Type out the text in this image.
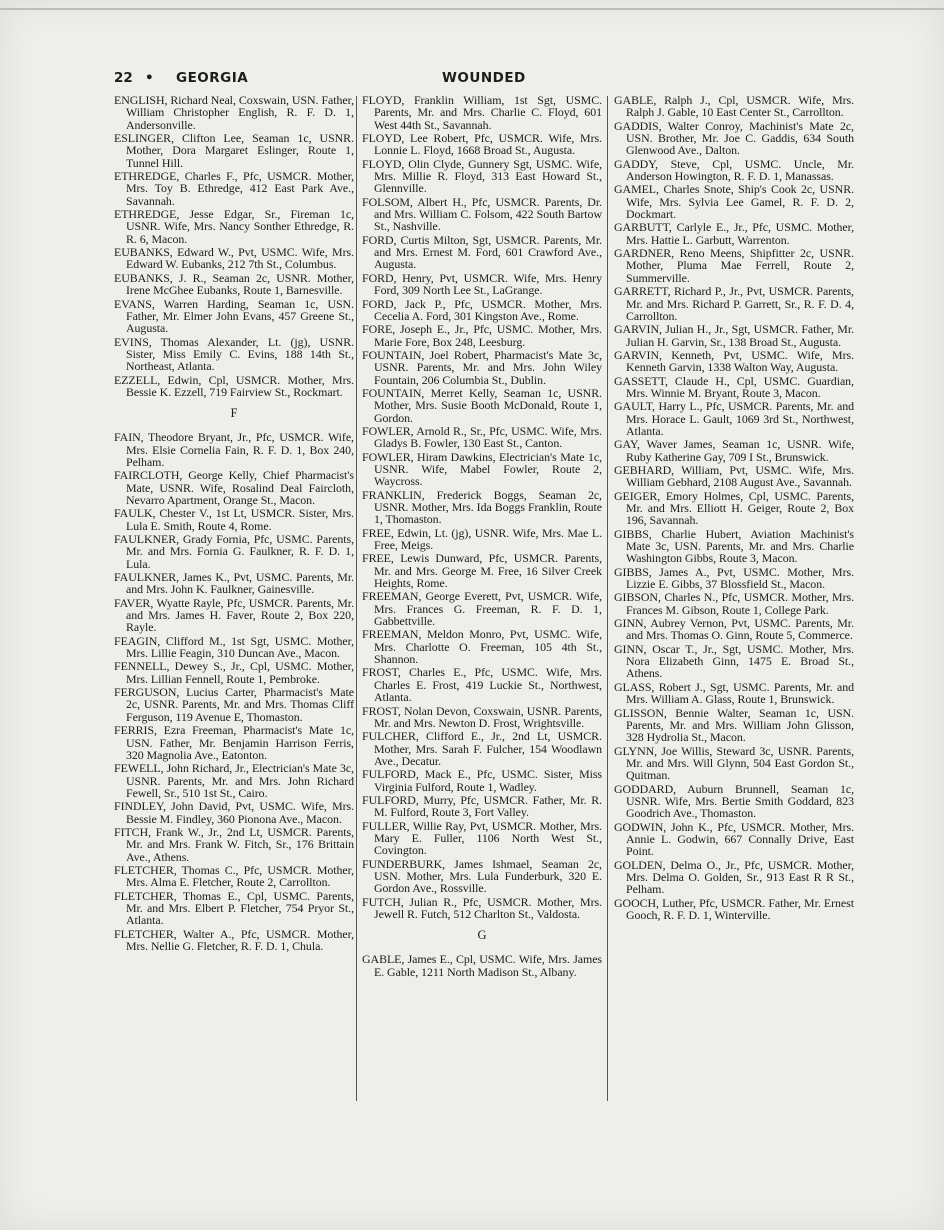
22 • GEORGIA	WOUNDED
ENGLISH, Richard Neal, Coxswain, USN. Father, William Christopher English, R. F. D. 1, Andersonville.
ESLINGER, Clifton Lee, Seaman 1c, USNR. Mother, Dora Margaret Eslinger, Route 1, Tunnel Hill.
ETHREDGE, Charles F., Pfc, USMCR. Mother, Mrs. Toy B. Ethredge, 412 East Park Ave., Savannah.
ETHREDGE, Jesse Edgar, Sr., Fireman 1c, USNR. Wife, Mrs. Nancy Sonther Ethredge, R. R. 6, Macon.
EUBANKS, Edward W., Pvt, USMC. Wife, Mrs. Edward W. Eubanks, 212 7th St., Columbus.
EUBANKS, J. R., Seaman 2c, USNR. Mother, Irene McGhee Eubanks, Route 1, Barnesville.
EVANS, Warren Harding, Seaman 1c, USN. Father, Mr. Elmer John Evans, 457 Greene St., Augusta.
EVINS, Thomas Alexander, Lt. (jg), USNR. Sister, Miss Emily C. Evins, 188 14th St., Northeast, Atlanta.
EZZELL, Edwin, Cpl, USMCR. Mother, Mrs. Bessie K. Ezzell, 719 Fairview St., Rockmart.
F
FAIN, Theodore Bryant, Jr., Pfc, USMCR. Wife, Mrs. Elsie Cornelia Fain, R. F. D. 1, Box 240, Pelham.
FAIRCLOTH, George Kelly, Chief Pharmacist's Mate, USNR. Wife, Rosalind Deal Faircloth, Nevarro Apartment, Orange St., Macon.
FAULK, Chester V., 1st Lt, USMCR. Sister, Mrs. Lula E. Smith, Route 4, Rome.
FAULKNER, Grady Fornia, Pfc, USMC. Parents, Mr. and Mrs. Fornia G. Faulkner, R. F. D. 1, Lula.
FAULKNER, James K., Pvt, USMC. Parents, Mr. and Mrs. John K. Faulkner, Gainesville.
FAVER, Wyatte Rayle, Pfc, USMCR. Parents, Mr. and Mrs. James H. Faver, Route 2, Box 220, Rayle.
FEAGIN, Clifford M., 1st Sgt, USMC. Mother, Mrs. Lillie Feagin, 310 Duncan Ave., Macon.
FENNELL, Dewey S., Jr., Cpl, USMC. Mother, Mrs. Lillian Fennell, Route 1, Pembroke.
FERGUSON, Lucius Carter, Pharmacist's Mate 2c, USNR. Parents, Mr. and Mrs. Thomas Cliff Ferguson, 119 Avenue E, Thomaston.
FERRIS, Ezra Freeman, Pharmacist's Mate 1c, USN. Father, Mr. Benjamin Harrison Ferris, 320 Magnolia Ave., Eatonton.
FEWELL, John Richard, Jr., Electrician's Mate 3c, USNR. Parents, Mr. and Mrs. John Richard Fewell, Sr., 510 1st St., Cairo.
FINDLEY, John David, Pvt, USMC. Wife, Mrs. Bessie M. Findley, 360 Pionona Ave., Macon.
FITCH, Frank W., Jr., 2nd Lt, USMCR. Parents, Mr. and Mrs. Frank W. Fitch, Sr., 176 Brittain Ave., Athens.
FLETCHER, Thomas C., Pfc, USMCR. Mother, Mrs. Alma E. Fletcher, Route 2, Carrollton.
FLETCHER, Thomas E., Cpl, USMC. Parents, Mr. and Mrs. Elbert P. Fletcher, 754 Pryor St., Atlanta.
FLETCHER, Walter A., Pfc, USMCR. Mother, Mrs. Nellie G. Fletcher, R. F. D. 1, Chula.
FLOYD, Franklin William, 1st Sgt, USMC. Parents, Mr. and Mrs. Charlie C. Floyd, 601 West 44th St., Savannah.
FLOYD, Lee Robert, Pfc, USMCR. Wife, Mrs. Lonnie L. Floyd, 1668 Broad St., Augusta.
FLOYD, Olin Clyde, Gunnery Sgt, USMC. Wife, Mrs. Millie R. Floyd, 313 East Howard St., Glennville.
FOLSOM, Albert H., Pfc, USMCR. Parents, Dr. and Mrs. William C. Folsom, 422 South Bartow St., Nashville.
FORD, Curtis Milton, Sgt, USMCR. Parents, Mr. and Mrs. Ernest M. Ford, 601 Crawford Ave., Augusta.
FORD, Henry, Pvt, USMCR. Wife, Mrs. Henry Ford, 309 North Lee St., LaGrange.
FORD, Jack P., Pfc, USMCR. Mother, Mrs. Cecelia A. Ford, 301 Kingston Ave., Rome.
FORE, Joseph E., Jr., Pfc, USMC. Mother, Mrs. Marie Fore, Box 248, Leesburg.
FOUNTAIN, Joel Robert, Pharmacist's Mate 3c, USNR. Parents, Mr. and Mrs. John Wiley Fountain, 206 Columbia St., Dublin.
FOUNTAIN, Merret Kelly, Seaman 1c, USNR. Mother, Mrs. Susie Booth McDonald, Route 1, Gordon.
FOWLER, Arnold R., Sr., Pfc, USMC. Wife, Mrs. Gladys B. Fowler, 130 East St., Canton.
FOWLER, Hiram Dawkins, Electrician's Mate 1c, USNR. Wife, Mabel Fowler, Route 2, Waycross.
FRANKLIN, Frederick Boggs, Seaman 2c, USNR. Mother, Mrs. Ida Boggs Franklin, Route 1, Thomaston.
FREE, Edwin, Lt. (jg), USNR. Wife, Mrs. Mae L. Free, Meigs.
FREE, Lewis Dunward, Pfc, USMCR. Parents, Mr. and Mrs. George M. Free, 16 Silver Creek Heights, Rome.
FREEMAN, George Everett, Pvt, USMCR. Wife, Mrs. Frances G. Freeman, R. F. D. 1, Gabbettville.
FREEMAN, Meldon Monro, Pvt, USMC. Wife, Mrs. Charlotte O. Freeman, 105 4th St., Shannon.
FROST, Charles E., Pfc, USMC. Wife, Mrs. Charles E. Frost, 419 Luckie St., Northwest, Atlanta.
FROST, Nolan Devon, Coxswain, USNR. Parents, Mr. and Mrs. Newton D. Frost, Wrightsville.
FULCHER, Clifford E., Jr., 2nd Lt, USMCR. Mother, Mrs. Sarah F. Fulcher, 154 Woodlawn Ave., Decatur.
FULFORD, Mack E., Pfc, USMC. Sister, Miss Virginia Fulford, Route 1, Wadley.
FULFORD, Murry, Pfc, USMCR. Father, Mr. R. M. Fulford, Route 3, Fort Valley.
FULLER, Willie Ray, Pvt, USMCR. Mother, Mrs. Mary E. Fuller, 1106 North West St., Covington.
FUNDERBURK, James Ishmael, Seaman 2c, USN. Mother, Mrs. Lula Funderburk, 320 E. Gordon Ave., Rossville.
FUTCH, Julian R., Pfc, USMCR. Mother, Mrs. Jewell R. Futch, 512 Charlton St., Valdosta.
G
GABLE, James E., Cpl, USMC. Wife, Mrs. James E. Gable, 1211 North Madison St., Albany.
GABLE, Ralph J., Cpl, USMCR. Wife, Mrs. Ralph J. Gable, 10 East Center St., Carrollton.
GADDIS, Walter Conroy, Machinist's Mate 2c, USN. Brother, Mr. Joe C. Gaddis, 634 South Glenwood Ave., Dalton.
GADDY, Steve, Cpl, USMC. Uncle, Mr. Anderson Howington, R. F. D. 1, Manassas.
GAMEL, Charles Snote, Ship's Cook 2c, USNR. Wife, Mrs. Sylvia Lee Gamel, R. F. D. 2, Dockmart.
GARBUTT, Carlyle E., Jr., Pfc, USMC. Mother, Mrs. Hattie L. Garbutt, Warrenton.
GARDNER, Reno Meens, Shipfitter 2c, USNR. Mother, Pluma Mae Ferrell, Route 2, Summerville.
GARRETT, Richard P., Jr., Pvt, USMCR. Parents, Mr. and Mrs. Richard P. Garrett, Sr., R. F. D. 4, Carrollton.
GARVIN, Julian H., Jr., Sgt, USMCR. Father, Mr. Julian H. Garvin, Sr., 138 Broad St., Augusta.
GARVIN, Kenneth, Pvt, USMC. Wife, Mrs. Kenneth Garvin, 1338 Walton Way, Augusta.
GASSETT, Claude H., Cpl, USMC. Guardian, Mrs. Winnie M. Bryant, Route 3, Macon.
GAULT, Harry L., Pfc, USMCR. Parents, Mr. and Mrs. Horace L. Gault, 1069 3rd St., Northwest, Atlanta.
GAY, Waver James, Seaman 1c, USNR. Wife, Ruby Katherine Gay, 709 I St., Brunswick.
GEBHARD, William, Pvt, USMC. Wife, Mrs. William Gebhard, 2108 August Ave., Savannah.
GEIGER, Emory Holmes, Cpl, USMC. Parents, Mr. and Mrs. Elliott H. Geiger, Route 2, Box 196, Savannah.
GIBBS, Charlie Hubert, Aviation Machinist's Mate 3c, USN. Parents, Mr. and Mrs. Charlie Washington Gibbs, Route 3, Macon.
GIBBS, James A., Pvt, USMC. Mother, Mrs. Lizzie E. Gibbs, 37 Blossfield St., Macon.
GIBSON, Charles N., Pfc, USMCR. Mother, Mrs. Frances M. Gibson, Route 1, College Park.
GINN, Aubrey Vernon, Pvt, USMC. Parents, Mr. and Mrs. Thomas O. Ginn, Route 5, Commerce.
GINN, Oscar T., Jr., Sgt, USMC. Mother, Mrs. Nora Elizabeth Ginn, 1475 E. Broad St., Athens.
GLASS, Robert J., Sgt, USMC. Parents, Mr. and Mrs. William A. Glass, Route 1, Brunswick.
GLISSON, Bennie Walter, Seaman 1c, USN. Parents, Mr. and Mrs. William John Glisson, 328 Hydrolia St., Macon.
GLYNN, Joe Willis, Steward 3c, USNR. Parents, Mr. and Mrs. Will Glynn, 504 East Gordon St., Quitman.
GODDARD, Auburn Brunnell, Seaman 1c, USNR. Wife, Mrs. Bertie Smith Goddard, 823 Goodrich Ave., Thomaston.
GODWIN, John K., Pfc, USMCR. Mother, Mrs. Annie L. Godwin, 667 Connally Drive, East Point.
GOLDEN, Delma O., Jr., Pfc, USMCR. Mother, Mrs. Delma O. Golden, Sr., 913 East R R St., Pelham.
GOOCH, Luther, Pfc, USMCR. Father, Mr. Ernest Gooch, R. F. D. 1, Winterville.
